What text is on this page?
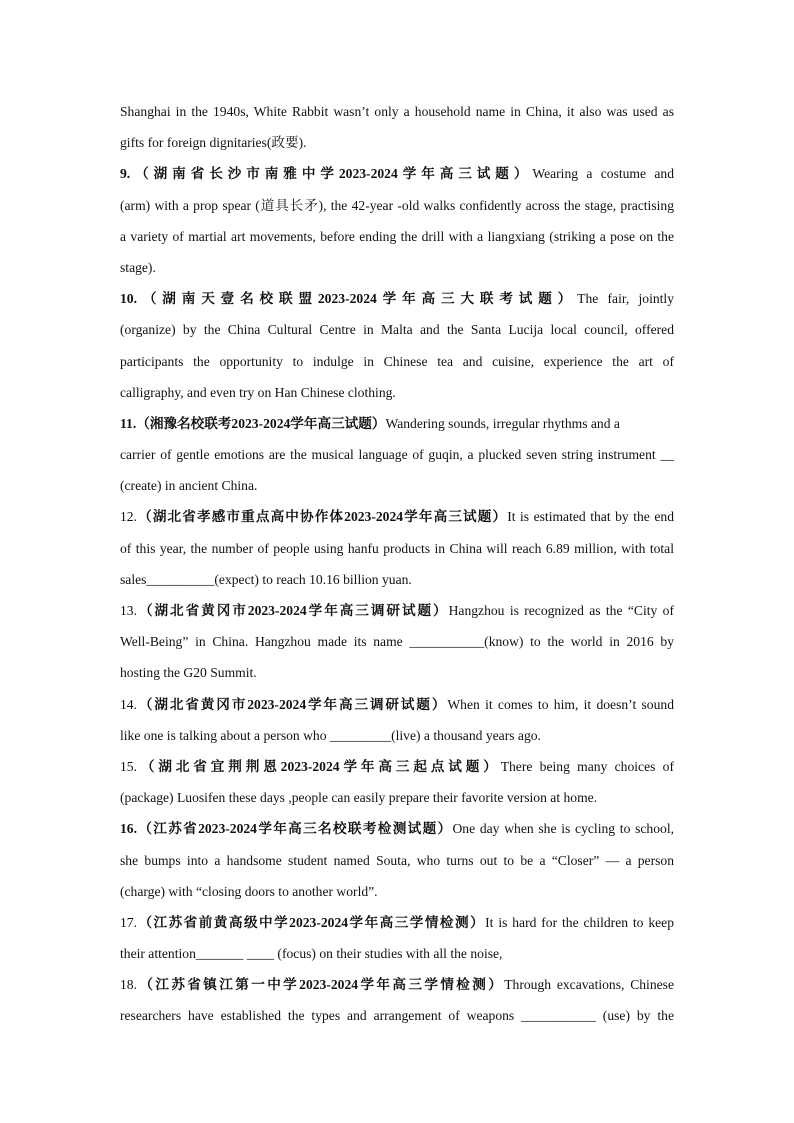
Shanghai in the 1940s, White Rabbit wasn’t only a household name in China, it also was used as
gifts for foreign dignitaries(政要).
9.（湖南省长沙市南雅中学2023-2024学年高三试题）Wearing a costume and
(arm) with a prop spear (道具长矛), the 42-year -old walks confidently across the stage, practising
a variety of martial art movements, before ending the drill with a liangxiang (striking a pose on the
stage).
10.（湖南天壹名校联盟2023-2024学年高三大联考试题）The fair, jointly
(organize) by the China Cultural Centre in Malta and the Santa Lucija local council, offered
participants the opportunity to indulge in Chinese tea and cuisine, experience the art of
calligraphy, and even try on Han Chinese clothing.
11.（湘豫名校联考2023-2024学年高三试题）Wandering sounds, irregular rhythms and a
carrier of gentle emotions are the musical language of guqin, a plucked seven string instrument __
(create) in ancient China.
12.（湖北省孝感市重点高中协作体2023-2024学年高三试题）It is estimated that by the end
of this year, the number of people using hanfu products in China will reach 6.89 million, with total
sales__________(expect) to reach 10.16 billion yuan.
13.（湖北省黄冈市2023-2024学年高三调研试题）Hangzhou is recognized as the “City of
Well-Being” in China. Hangzhou made its name ___________(know) to the world in 2016 by
hosting the G20 Summit.
14.（湖北省黄冈市2023-2024学年高三调研试题）When it comes to him, it doesn’t sound
like one is talking about a person who _________(live) a thousand years ago.
15.（湖北省宜荆荆恩2023-2024学年高三起点试题）There being many choices of
(package) Luosifen these days ,people can easily prepare their favorite version at home.
16.（江苏省2023-2024学年高三名校联考检测试题）One day when she is cycling to school,
she bumps into a handsome student named Souta, who turns out to be a “Closer” — a person
(charge) with “closing doors to another world”.
17.（江苏省前黄高级中学2023-2024学年高三学情检测）It is hard for the children to keep
their attention_______ ____ (focus) on their studies with all the noise,
18.（江苏省镇江第一中学2023-2024学年高三学情检测）Through excavations, Chinese
researchers have established the types and arrangement of weapons ___________ (use) by the
